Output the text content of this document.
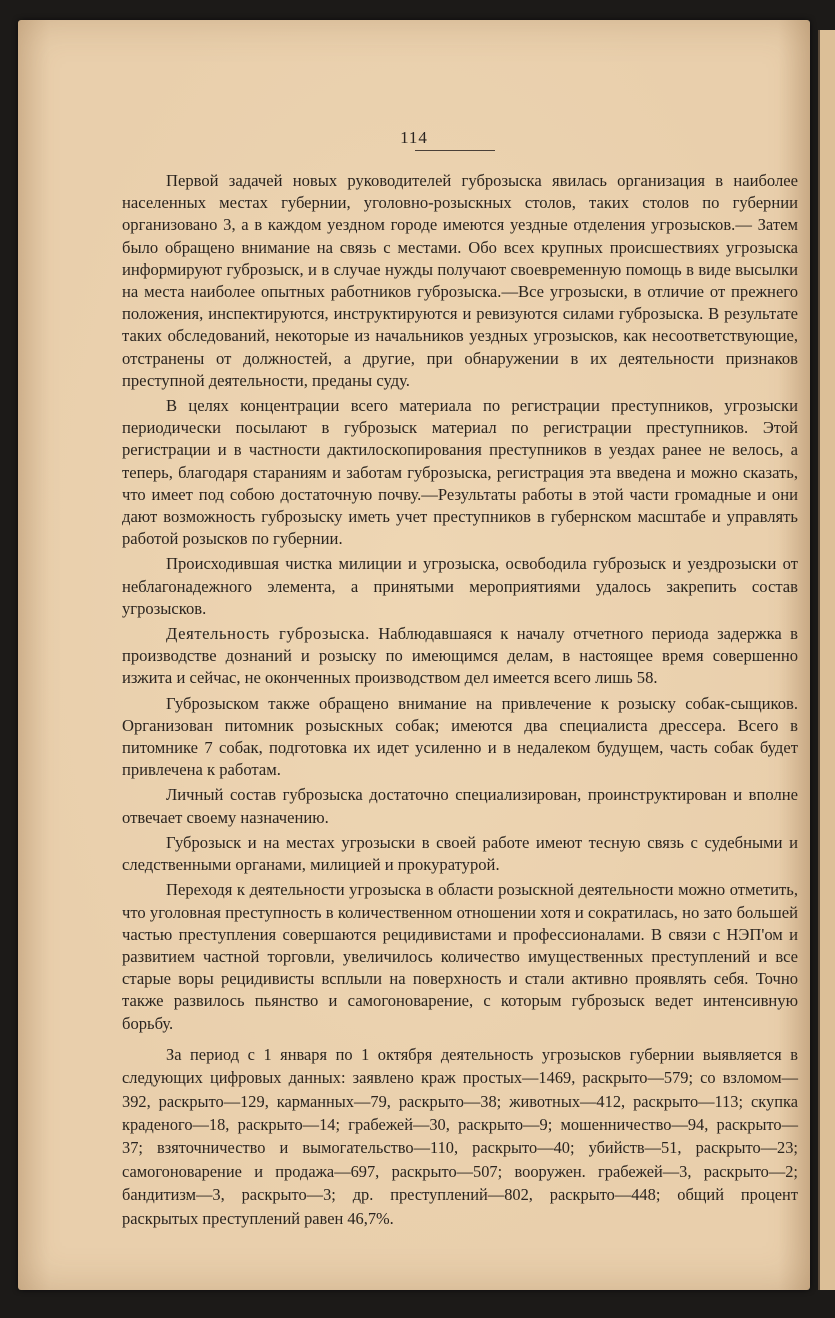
114

Первой задачей новых руководителей губрозыска явилась организация в наиболее населенных местах губернии, уголовно-розыскных столов, таких столов по губернии организовано 3, а в каждом уездном городе имеются уездные отделения угрозысков.— Затем было обращено внимание на связь с местами. Обо всех крупных происшествиях угрозыска информируют губрозыск, и в случае нужды получают своевременную помощь в виде высылки на места наиболее опытных работников губрозыска.—Все угрозыски, в отличие от прежнего положения, инспектируются, инструктируются и ревизуются силами губрозыска. В результате таких обследований, некоторые из начальников уездных угрозысков, как несоответствующие, отстранены от должностей, а другие, при обнаружении в их деятельности признаков преступной деятельности, преданы суду.

В целях концентрации всего материала по регистрации преступников, угрозыски периодически посылают в губрозыск материал по регистрации преступников. Этой регистрации и в частности дактилоскопирования преступников в уездах ранее не велось, а теперь, благодаря стараниям и заботам губрозыска, регистрация эта введена и можно сказать, что имеет под собою достаточную почву.—Результаты работы в этой части громадные и они дают возможность губрозыску иметь учет преступников в губернском масштабе и управлять работой розысков по губернии.

Происходившая чистка милиции и угрозыска, освободила губрозыск и уездрозыски от неблагонадежного элемента, а принятыми мероприятиями удалось закрепить состав угрозысков.

Деятельность губрозыска. Наблюдавшаяся к началу отчетного периода задержка в производстве дознаний и розыску по имеющимся делам, в настоящее время совершенно изжита и сейчас, не оконченных производством дел имеется всего лишь 58.

Губрозыском также обращено внимание на привлечение к розыску собак-сыщиков. Организован питомник розыскных собак; имеются два специалиста дрессера. Всего в питомнике 7 собак, подготовка их идет усиленно и в недалеком будущем, часть собак будет привлечена к работам.

Личный состав губрозыска достаточно специализирован, проинструктирован и вполне отвечает своему назначению.

Губрозыск и на местах угрозыски в своей работе имеют тесную связь с судебными и следственными органами, милицией и прокуратурой.

Переходя к деятельности угрозыска в области розыскной деятельности можно отметить, что уголовная преступность в количественном отношении хотя и сократилась, но зато большей частью преступления совершаются рецидивистами и профессионалами. В связи с НЭП'ом и развитием частной торговли, увеличилось количество имущественных преступлений и все старые воры рецидивисты всплыли на поверхность и стали активно проявлять себя. Точно также развилось пьянство и самогоноварение, с которым губрозыск ведет интенсивную борьбу.

За период с 1 января по 1 октября деятельность угрозысков губернии выявляется в следующих цифровых данных: заявлено краж простых—1469, раскрыто—579; со взломом—392, раскрыто—129, карманных—79, раскрыто—38; животных—412, раскрыто—113; скупка краденого—18, раскрыто—14; грабежей—30, раскрыто—9; мошенничество—94, раскрыто—37; взяточничество и вымогательство—110, раскрыто—40; убийств—51, раскрыто—23; самогоноварение и продажа—697, раскрыто—507; вооружен. грабежей—3, раскрыто—2; бандитизм—3, раскрыто—3; др. преступлений—802, раскрыто—448; общий процент раскрытых преступлений равен 46,7%.
